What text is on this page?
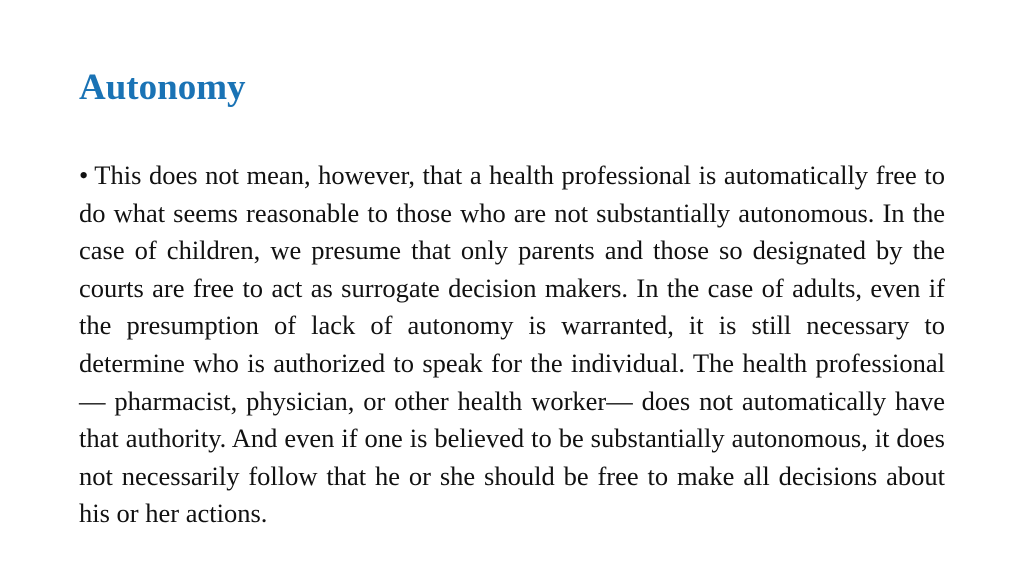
Autonomy

• This does not mean, however, that a health professional is automatically free to do what seems reasonable to those who are not substantially autonomous. In the case of children, we presume that only parents and those so designated by the courts are free to act as surrogate decision makers. In the case of adults, even if the presumption of lack of autonomy is warranted, it is still necessary to determine who is authorized to speak for the individual. The health professional — pharmacist, physician, or other health worker— does not automatically have that authority. And even if one is believed to be substantially autonomous, it does not necessarily follow that he or she should be free to make all decisions about his or her actions.
